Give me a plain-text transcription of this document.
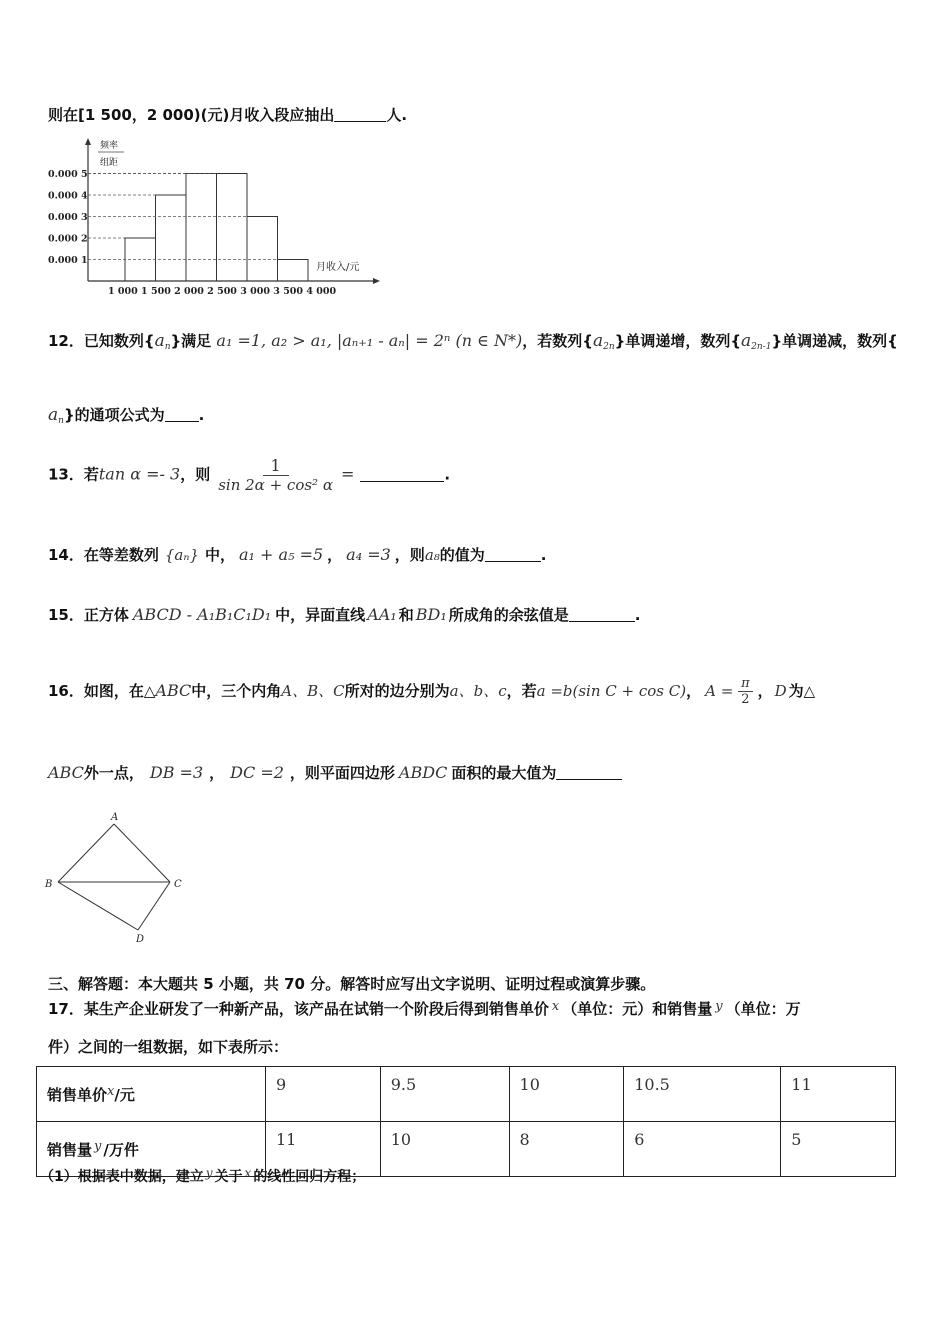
则在[1 500，2 000)(元)月收入段应抽出	人.
频率
组距
月收入/元
1 000 1 500 2 000 2 500 3 000 3 500 4 000
0.000 1
0.000 2
0.000 3
0.000 4
0.000 5
12．已知数列$\{a_n\}$满足 a₁ =1, a₂ > a₁, |aₙ₊₁ - aₙ| = 2ⁿ (n ∈ N*)，若数列$\{a_{2n}\}$单调递增，数列$\{a_{2n-1}\}$单调递减，数列{
$a_n$}的通项公式为 .
13．若tan α =- 3，则 $\frac{1}{\text{sin 2α + cos² α}}$ =	.
14．在等差数列 {aₙ} 中， a₁ + a₅ =5 ， a₄ =3 ，则a₈的值为	.
15．正方体 ABCD - A₁B₁C₁D₁ 中，异面直线 AA₁ 和 BD₁ 所成角的余弦值是	.
16．如图，在△ABC中，三个内角A、B、C所对的边分别为a、b、c，若a =b(sin C + cos C)， $A = \frac{\pi}{2}$ ， D 为△
ABC外一点， DB =3 ， DC =2 ，则平面四边形 ABDC 面积的最大值为
A
B	C
D
三、解答题：本大题共 5 小题，共 70 分。解答时应写出文字说明、证明过程或演算步骤。
17．某生产企业研发了一种新产品，该产品在试销一个阶段后得到销售单价 x （单位：元）和销售量 y （单位：万
件）之间的一组数据，如下表所示：
销售单价x/元	9	9.5	10	10.5	11
销售量 y /万件	11	10	8	6	5
（1）根据表中数据，建立 y 关于 x 的线性回归方程；
